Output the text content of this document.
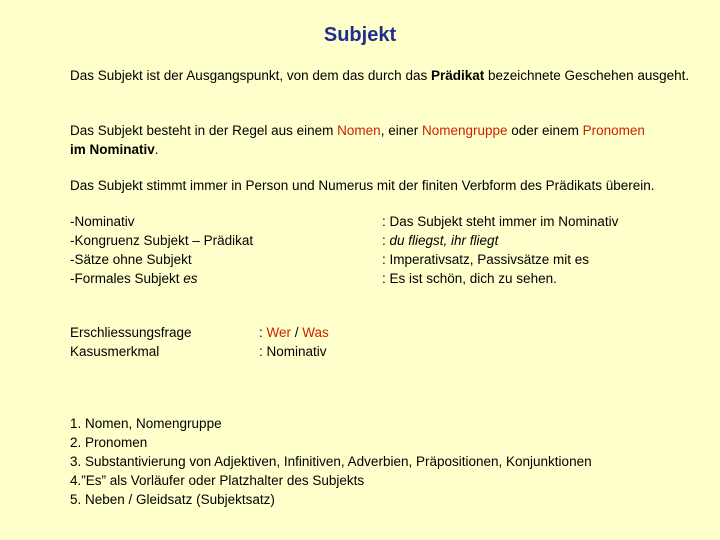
Subjekt
Das Subjekt ist der Ausgangspunkt, von dem das durch das Prädikat bezeichnete Geschehen ausgeht.
Das Subjekt besteht in der Regel aus einem Nomen, einer Nomengruppe oder einem Pronomen
im Nominativ.
Das Subjekt stimmt immer in Person und Numerus mit der finiten Verbform des Prädikats überein.
-Nominativ
-Kongruenz Subjekt – Prädikat
-Sätze ohne Subjekt
-Formales Subjekt es
: Das Subjekt steht immer im Nominativ
: du fliegst, ihr fliegt
: Imperativsatz, Passivsätze mit es
: Es ist schön, dich zu sehen.
Erschliessungsfrage
Kasusmerkmal
: Wer / Was
: Nominativ
1. Nomen, Nomengruppe
2. Pronomen
3. Substantivierung von Adjektiven, Infinitiven, Adverbien, Präpositionen, Konjunktionen
4.”Es” als Vorläufer oder Platzhalter des Subjekts
5. Neben / Gleidsatz (Subjektsatz)
